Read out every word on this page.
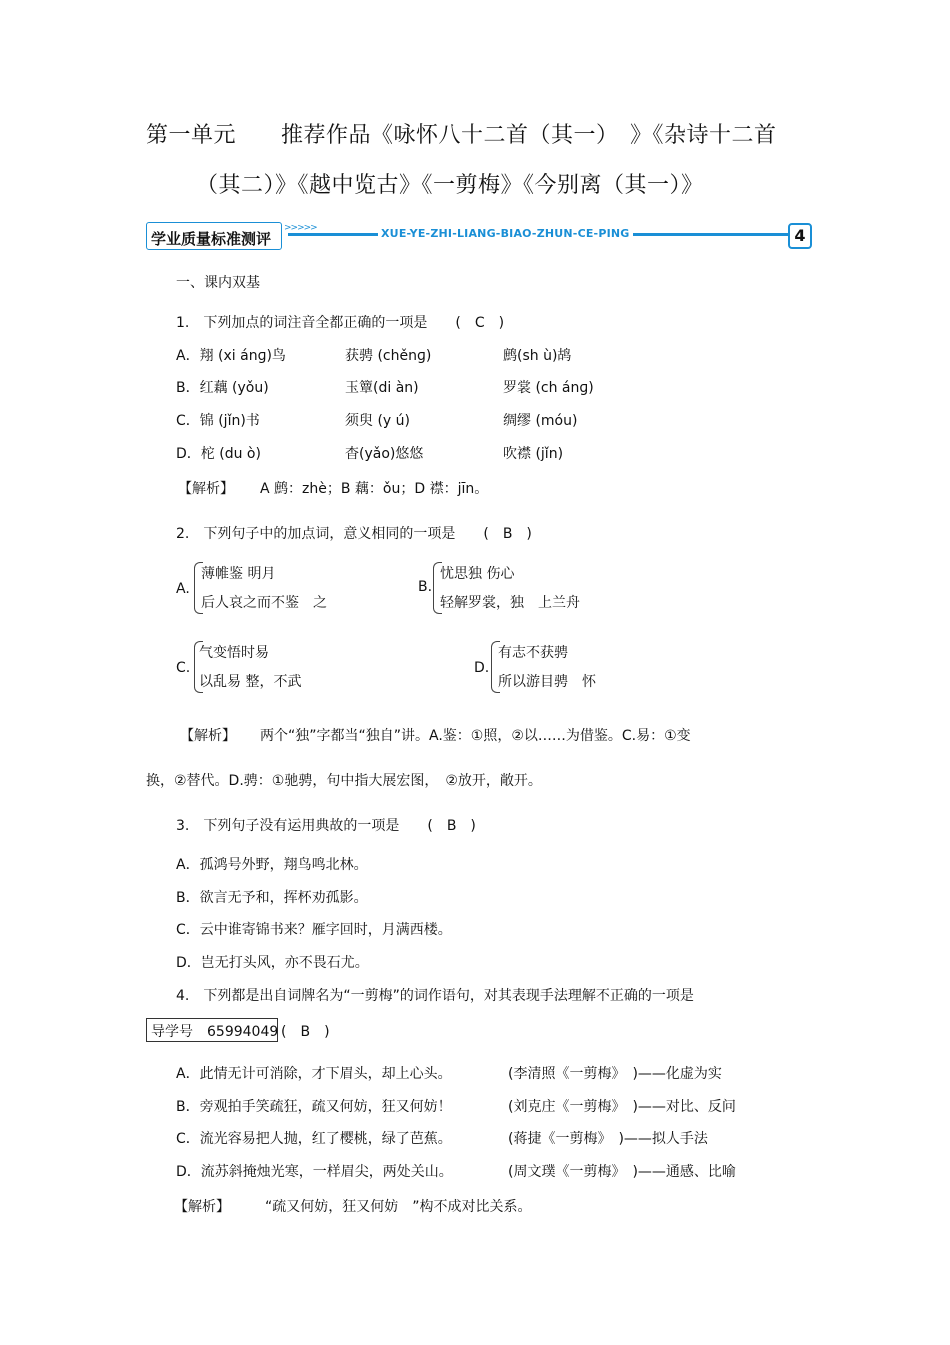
第一单元　　推荐作品《咏怀八十二首（其一）　》《杂诗十二首
（其二）》《越中览古》《一剪梅》《今别离（其一）》
学业质量标准测评
>>>>>	XUE-YE-ZHI-LIANG-BIAO-ZHUN-CE-PING	4
一、课内双基
1.　下列加点的词注音全都正确的一项是　　(　C　)
A．翔 (xi ánɡ)鸟	获骋 (chěnɡ)	鹧(sh ù)鸪
B．红藕 (yǒu)	玉簟(di àn)	罗裳 (ch ánɡ)
C．锦 (jǐn)书	须臾 (y ú)	绸缪 (móu)
D．柁 (du ò)	杳(yǎo)悠悠	吹襟 (jǐn)
【解析】 A 鹧：zhè；B 藕：ǒu；D 襟：jīn。
2.　下列句子中的加点词，意义相同的一项是　　(　B　)
A.
薄帷鉴 明月
后人哀之而不鉴　之
B.
忧思独 伤心
轻解罗裳，独　上兰舟
C.
气变悟时易
以乱易 整，不武
D.
有志不获骋
所以游目骋　怀
【解析】 两个“独”字都当“独自”讲。A.鉴：①照，②以……为借鉴。C.易：①变
换，②替代。D.骋：①驰骋，句中指大展宏图，　②放开，敞开。
3.　下列句子没有运用典故的一项是　　(　B　)
A．孤鸿号外野，翔鸟鸣北林。
B．欲言无予和，挥杯劝孤影。
C．云中谁寄锦书来？雁字回时，月满西楼。
D．岂无打头风，亦不畏石尤。
4.　下列都是出自词牌名为“一剪梅”的词作语句，对其表现手法理解不正确的一项是
导学号　65994049 (　B　)
A．此情无计可消除，才下眉头，却上心头。	(李清照《一剪梅》　)——化虚为实
B．旁观拍手笑疏狂，疏又何妨，狂又何妨！	(刘克庄《一剪梅》　)——对比、反问
C．流光容易把人抛，红了樱桃，绿了芭蕉。	(蒋捷《一剪梅》　)——拟人手法
D．流苏斜掩烛光寒，一样眉尖，两处关山。	(周文璞《一剪梅》　)——通感、比喻
【解析】	“疏又何妨，狂又何妨　”构不成对比关系。
